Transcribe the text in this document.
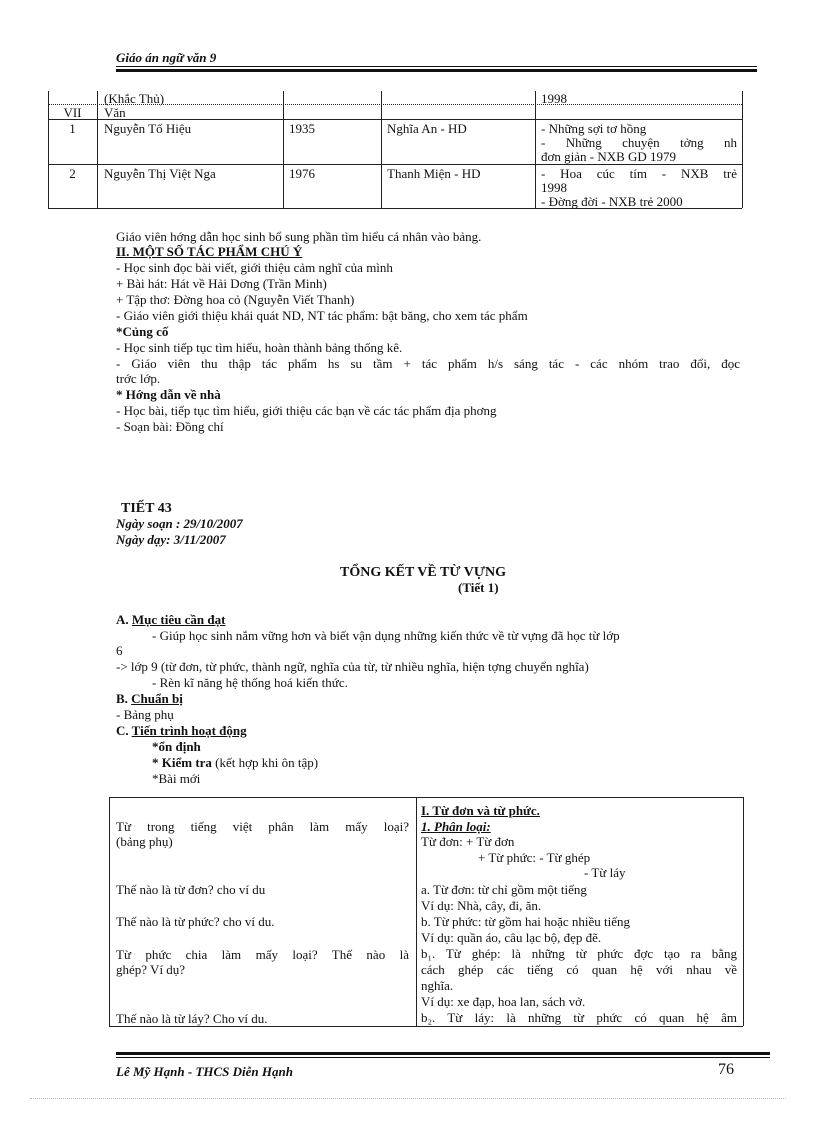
Giáo án ngữ văn 9
(Khắc Thủ)	1998
VII	Văn
1	Nguyễn Tố Hiệu	1935	Nghĩa An - HD	- Những sợi tơ hồng
- Những chuyện tởng nh
đơn giản - NXB GD 1979
2	Nguyễn Thị Việt Nga	1976	Thanh Miện - HD	- Hoa cúc tím - NXB trẻ
1998
- Đờng đời - NXB trẻ 2000
Giáo viên hớng dẫn học sinh bổ sung phần tìm hiểu cá nhân vào bảng.
II. MỘT SỐ TÁC PHẨM CHÚ Ý
- Học sinh đọc bài viết, giới thiệu cảm nghĩ của mình
+ Bài hát: Hát về Hải Dơng (Trần Minh)
+ Tập thơ: Đờng hoa cỏ (Nguyễn Viết Thanh)
- Giáo viên giới thiệu khái quát ND, NT tác phẩm: bật băng, cho xem tác phẩm
*Củng cố
- Học sinh tiếp tục tìm hiểu, hoàn thành bảng thống kê.
- Giáo viên thu thập tác phẩm hs su tầm + tác phẩm h/s sáng tác - các nhóm trao đổi, đọc
trớc lớp.
* Hớng dẫn về nhà
- Học bài, tiếp tục tìm hiểu, giới thiệu các bạn về các tác phẩm địa phơng
- Soạn bài: Đồng chí
TIẾT 43
Ngày soạn : 29/10/2007
Ngày dạy: 3/11/2007
TỔNG KẾT VỀ TỪ VỰNG
(Tiết 1)
A. Mục tiêu cần đạt
- Giúp học sinh nắm vững hơn và biết vận dụng những kiến thức về từ vựng đã học từ lớp
6
-> lớp 9 (từ đơn, từ phức, thành ngữ, nghĩa của từ, từ nhiều nghĩa, hiện tợng chuyển nghĩa)
- Rèn kĩ năng hệ thống hoá kiến thức.
B. Chuẩn bị
- Bảng phụ
C. Tiến trình hoạt động
*ổn định
* Kiểm tra (kết hợp khi ôn tập)
*Bài mới
Từ trong tiếng việt phân làm mấy loại?
(bảng phụ)
Thế nào là từ đơn? cho ví du
Thế nào là từ phức? cho ví du.
Từ phức chia làm mấy loại? Thế nào là
ghép? Ví dụ?
Thế nào là từ láy? Cho ví du.
I. Từ đơn và từ phức.
1. Phân loại:
Từ đơn: + Từ đơn
+ Từ phức: - Từ ghép
- Từ láy
a. Từ đơn: từ chỉ gồm một tiếng
Ví dụ: Nhà, cây, đi, ăn.
b. Từ phức: từ gồm hai hoặc nhiều tiếng
Ví dụ: quần áo, câu lạc bộ, đẹp đẽ.
b₁. Từ ghép: là những từ phức đợc tạo ra bằng
cách ghép các tiếng có quan hệ với nhau về
nghĩa.
Ví dụ: xe đạp, hoa lan, sách vở.
b₂. Từ láy: là những từ phức có quan hệ âm
Lê Mỹ Hạnh - THCS Diễn Hạnh	76
